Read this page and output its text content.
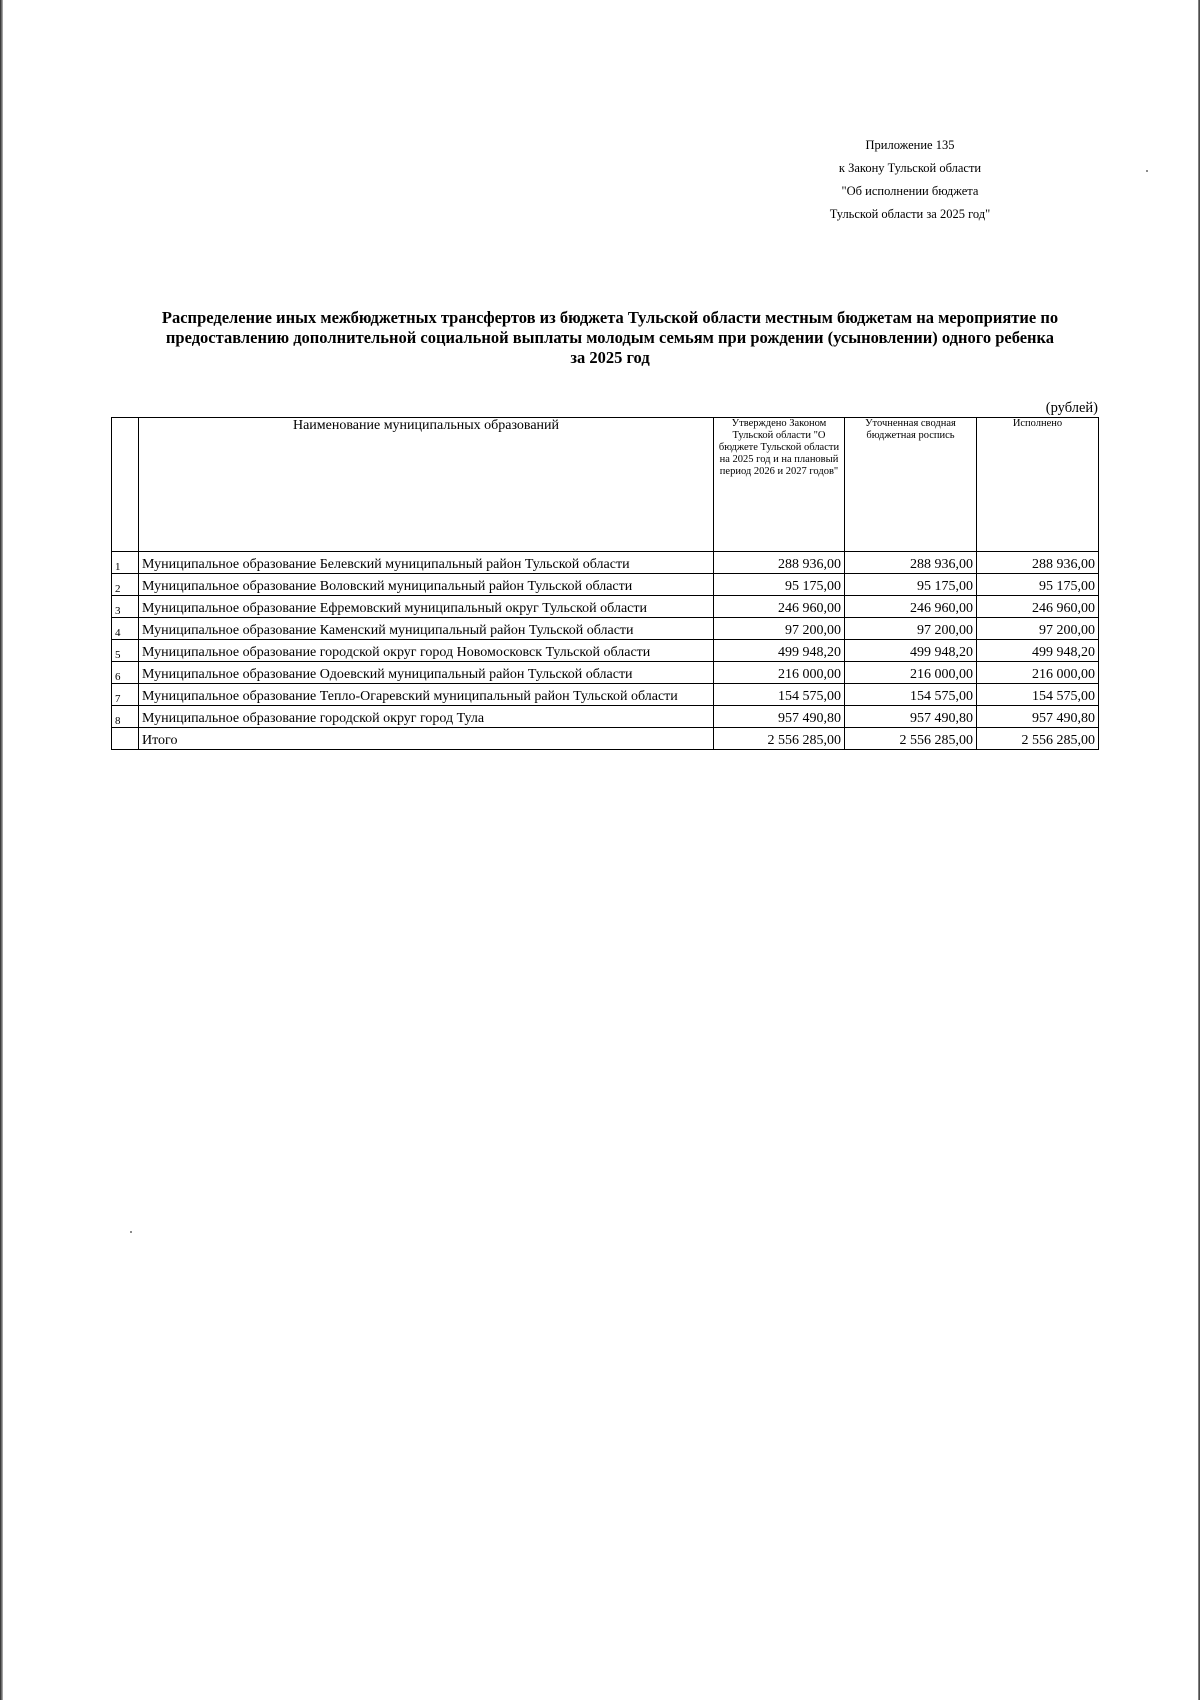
Приложение 135
к Закону Тульской области
"Об исполнении бюджета
Тульской области за 2025 год"
Распределение иных межбюджетных трансфертов из бюджета Тульской области местным бюджетам на мероприятие по
предоставлению дополнительной социальной выплаты молодым семьям при рождении (усыновлении) одного ребенка
за 2025 год
(рублей)
	Наименование муниципальных образований	Утверждено Законом Тульской области "О бюджете Тульской области на 2025 год и на плановый период 2026 и 2027 годов"	Уточненная сводная бюджетная роспись	Исполнено
1	Муниципальное образование Белевский муниципальный район Тульской области	288 936,00	288 936,00	288 936,00
2	Муниципальное образование Воловский муниципальный район Тульской области	95 175,00	95 175,00	95 175,00
3	Муниципальное образование Ефремовский муниципальный округ Тульской области	246 960,00	246 960,00	246 960,00
4	Муниципальное образование Каменский муниципальный район Тульской области	97 200,00	97 200,00	97 200,00
5	Муниципальное образование городской округ город Новомосковск Тульской области	499 948,20	499 948,20	499 948,20
6	Муниципальное образование Одоевский муниципальный район Тульской области	216 000,00	216 000,00	216 000,00
7	Муниципальное образование Тепло-Огаревский муниципальный район Тульской области	154 575,00	154 575,00	154 575,00
8	Муниципальное образование городской округ город Тула	957 490,80	957 490,80	957 490,80
	Итого	2 556 285,00	2 556 285,00	2 556 285,00
